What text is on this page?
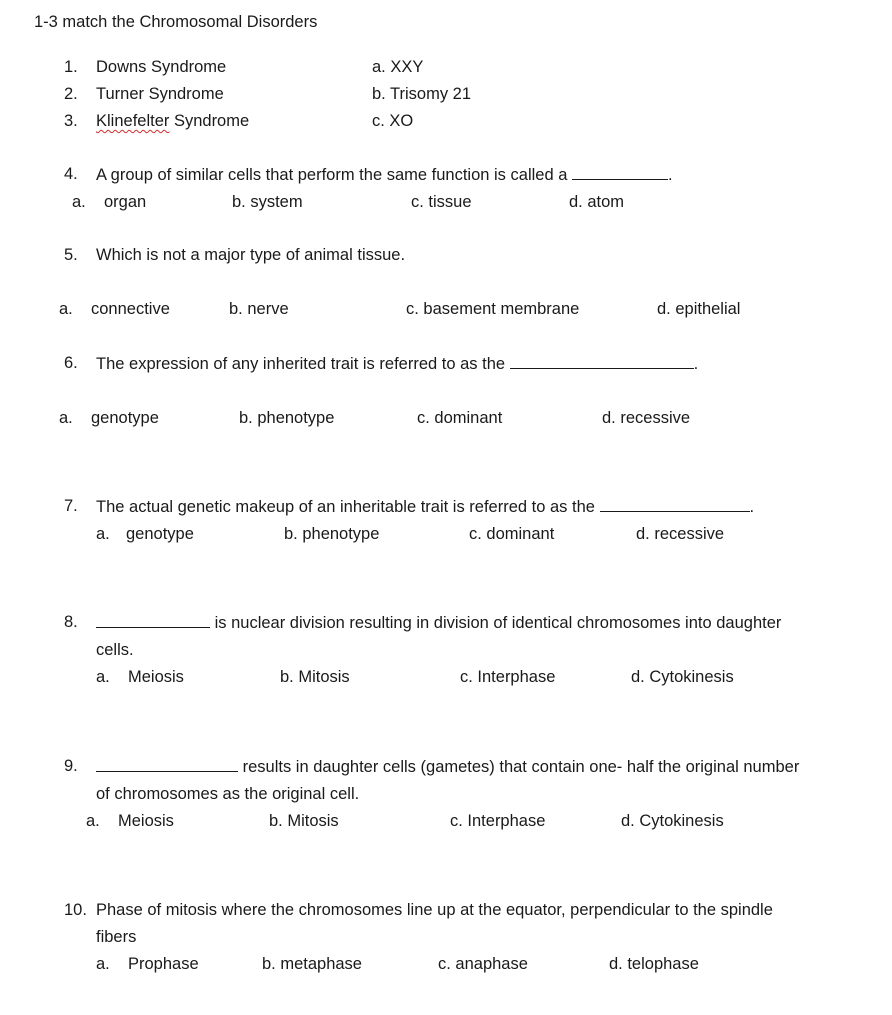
1-3 match the Chromosomal Disorders
1. Downs Syndrome	a. XXY
2. Turner Syndrome	b. Trisomy 21
3. Klinefelter Syndrome	c. XO
4. A group of similar cells that perform the same function is called a	.
a. organ	b. system	c. tissue	d. atom
5. Which is not a major type of animal tissue.
a. connective	b. nerve	c. basement membrane	d. epithelial
6. The expression of any inherited trait is referred to as the	.
a. genotype	b. phenotype	c. dominant	d. recessive
7. The actual genetic makeup of an inheritable trait is referred to as the	.
a. genotype	b. phenotype	c. dominant	d. recessive
8.	is nuclear division resulting in division of identical chromosomes into daughter
cells.
a. Meiosis	b. Mitosis	c. Interphase	d. Cytokinesis
9.	results in daughter cells (gametes) that contain one- half the original number
of chromosomes as the original cell.
a. Meiosis	b. Mitosis	c. Interphase	d. Cytokinesis
10. Phase of mitosis where the chromosomes line up at the equator, perpendicular to the spindle
fibers
a. Prophase	b. metaphase	c. anaphase	d. telophase
